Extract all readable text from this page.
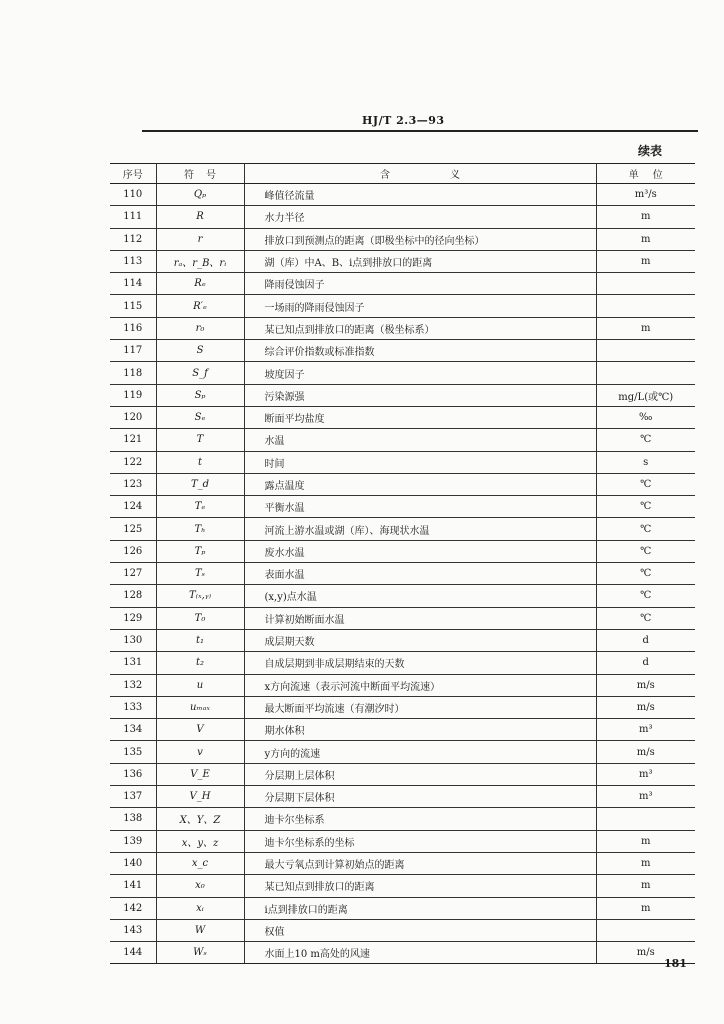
HJ/T 2.3—93
续表
序号	符号	含义	单位
110	Qₚ	峰值径流量	m³/s
111	R	水力半径	m
112	r	排放口到预测点的距离（即极坐标中的径向坐标）	m
113	rₐ、r_B、rᵢ	湖（库）中A、B、i点到排放口的距离	m
114	Rₑ	降雨侵蚀因子	
115	R′ₑ	一场雨的降雨侵蚀因子	
116	r₀	某已知点到排放口的距离（极坐标系）	m
117	S	综合评价指数或标准指数	
118	S_f	坡度因子	
119	Sₚ	污染源强	mg/L(或℃)
120	Sₑ	断面平均盐度	‰
121	T	水温	℃
122	t	时间	s
123	T_d	露点温度	℃
124	Tₑ	平衡水温	℃
125	Tₕ	河流上游水温或湖（库）、海现状水温	℃
126	Tₚ	废水水温	℃
127	Tₛ	表面水温	℃
128	T₍ₓ,ᵧ₎	(x,y)点水温	℃
129	T₀	计算初始断面水温	℃
130	t₁	成层期天数	d
131	t₂	自成层期到非成层期结束的天数	d
132	u	x方向流速（表示河流中断面平均流速）	m/s
133	uₘₐₓ	最大断面平均流速（有潮汐时）	m/s
134	V	期水体积	m³
135	v	y方向的流速	m/s
136	V_E	分层期上层体积	m³
137	V_H	分层期下层体积	m³
138	X、Y、Z	迪卡尔坐标系	
139	x、y、z	迪卡尔坐标系的坐标	m
140	x_c	最大亏氧点到计算初始点的距离	m
141	x₀	某已知点到排放口的距离	m
142	xᵢ	i点到排放口的距离	m
143	W	权值	
144	Wₛ	水面上10 m高处的风速	m/s
181
